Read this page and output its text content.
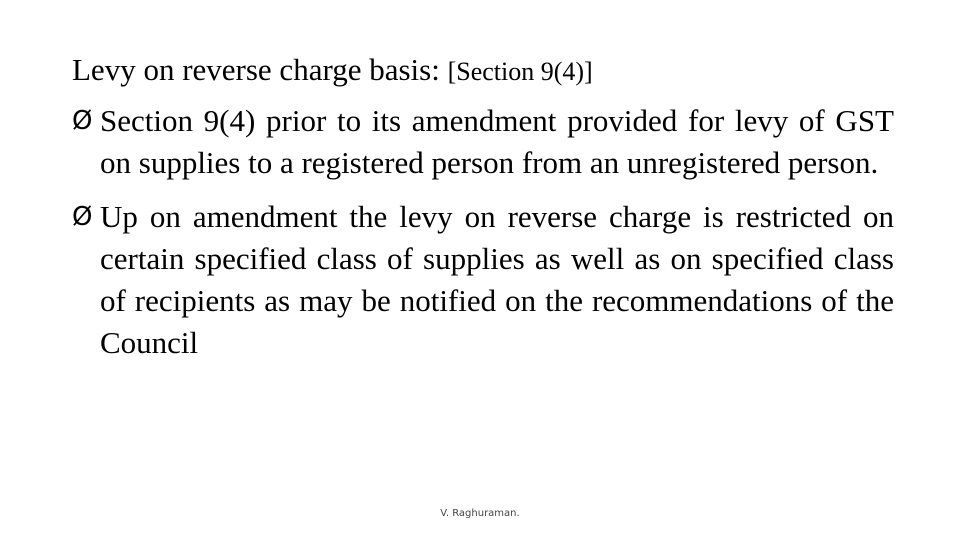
Levy on reverse charge basis: [Section 9(4)]
Ø Section 9(4) prior to its amendment provided for levy of GST on supplies to a registered person from an unregistered person.
Ø Up on amendment the levy on reverse charge is restricted on certain specified class of supplies as well as on specified class of recipients as may be notified on the recommendations of the Council
V. Raghuraman.
